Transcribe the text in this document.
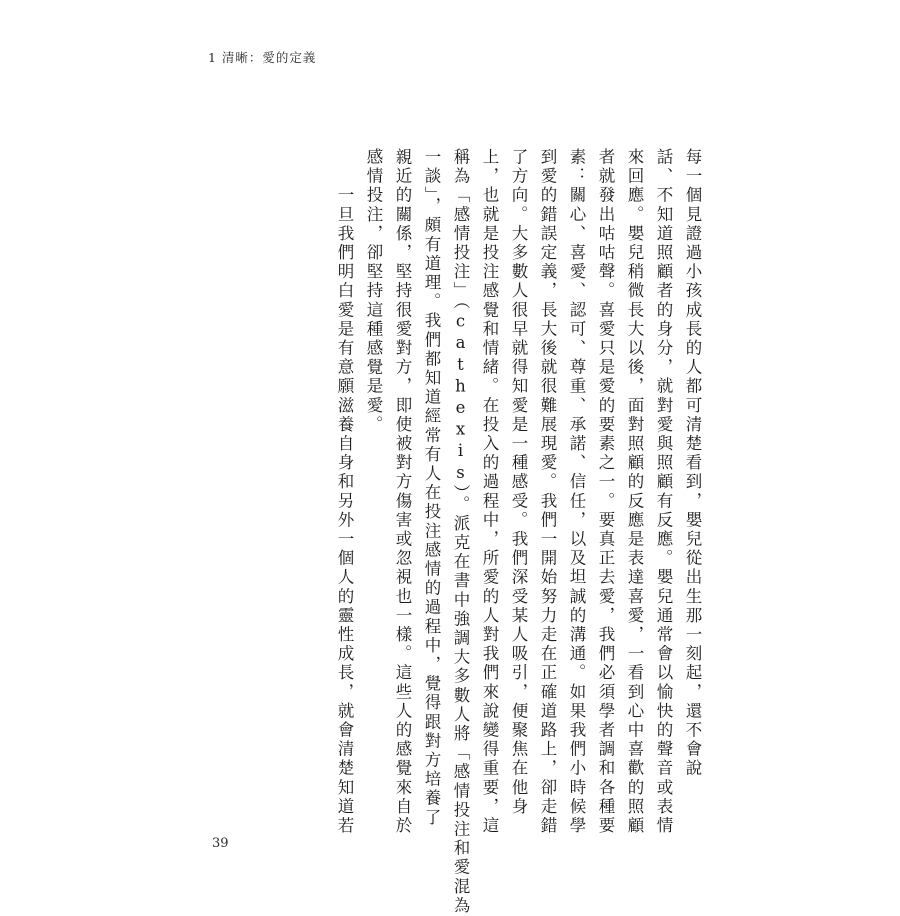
1 清晰：愛的定義
每一個見證過小孩成長的人都可清楚看到，嬰兒從出生那一刻起，還不會說
話、不知道照顧者的身分，就對愛與照顧有反應。嬰兒通常會以愉快的聲音或表情
來回應。嬰兒稍微長大以後，面對照顧的反應是表達喜愛，一看到心中喜歡的照顧
者就發出咕咕聲。喜愛只是愛的要素之一。要真正去愛，我們必須學者調和各種要
素：關心、喜愛、認可、尊重、承諾、信任，以及坦誠的溝通。如果我們小時候學
到愛的錯誤定義，長大後就很難展現愛。我們一開始努力走在正確道路上，卻走錯
了方向。大多數人很早就得知愛是一種感受。我們深受某人吸引，便聚焦在他身
上，也就是投注感覺和情緒。在投入的過程中，所愛的人對我們來說變得重要，這
稱為「感情投注」（cathexis）。派克在書中強調大多數人將「感情投注和愛混為
一談」，頗有道理。我們都知道經常有人在投注感情的過程中，覺得跟對方培養了
親近的關係，堅持很愛對方，即使被對方傷害或忽視也一樣。這些人的感覺來自於
感情投注，卻堅持這種感覺是愛。
　　一旦我們明白愛是有意願滋養自身和另外一個人的靈性成長，就會清楚知道若
39
